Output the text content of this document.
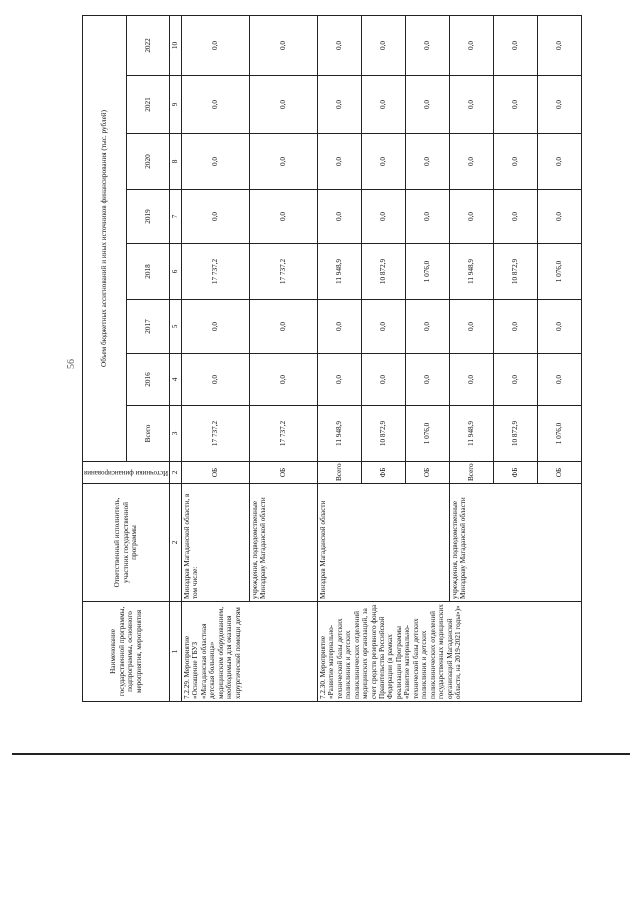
56
Наименование государственной программы, подпрограммы, основного мероприятия, мероприятия	Ответственный исполнитель, участник государственной программы	Источники финансирования	Объем бюджетных ассигнований и иных источников финансирования (тыс. рублей)							
			Всего	2016	2017	2018	2019	2020	2021	2022
1	2	2	3	4	5	6	7	8	9	10
7.2.29. Мероприятие «Оснащение ГБУЗ «Магаданская областная детская больница» медицинским оборудованием, необходимым для оказания хирургической помощи детям	Минздрав Магаданской области, в том числе:	ОБ	17 737,2	0,0	0,0	17 737,2	0,0	0,0	0,0	0,0
	учреждения, подведомственные Минздраву Магаданской области	ОБ	17 737,2	0,0	0,0	17 737,2	0,0	0,0	0,0	0,0
7.2.30. Мероприятие «Развитие материально-технической базы детских поликлиник и детских поликлинических отделений медицинских организаций, за счет средств резервного фонда Правительства Российской Федерации (в рамках реализации Программы «Развитие материально-технической базы детских поликлиник и детских поликлинических отделений государственных медицинских организаций Магаданской области, на 2019-2021 годы»)»	Минздрав Магаданской области	Всего	11 948,9	0,0	0,0	11 948,9	0,0	0,0	0,0	0,0
		ФБ	10 872,9	0,0	0,0	10 872,9	0,0	0,0	0,0	0,0
		ОБ	1 076,0	0,0	0,0	1 076,0	0,0	0,0	0,0	0,0
	учреждения, подведомственные Минздраву Магаданской области	Всего	11 948,9	0,0	0,0	11 948,9	0,0	0,0	0,0	0,0
		ФБ	10 872,9	0,0	0,0	10 872,9	0,0	0,0	0,0	0,0
		ОБ	1 076,0	0,0	0,0	1 076,0	0,0	0,0	0,0	0,0
